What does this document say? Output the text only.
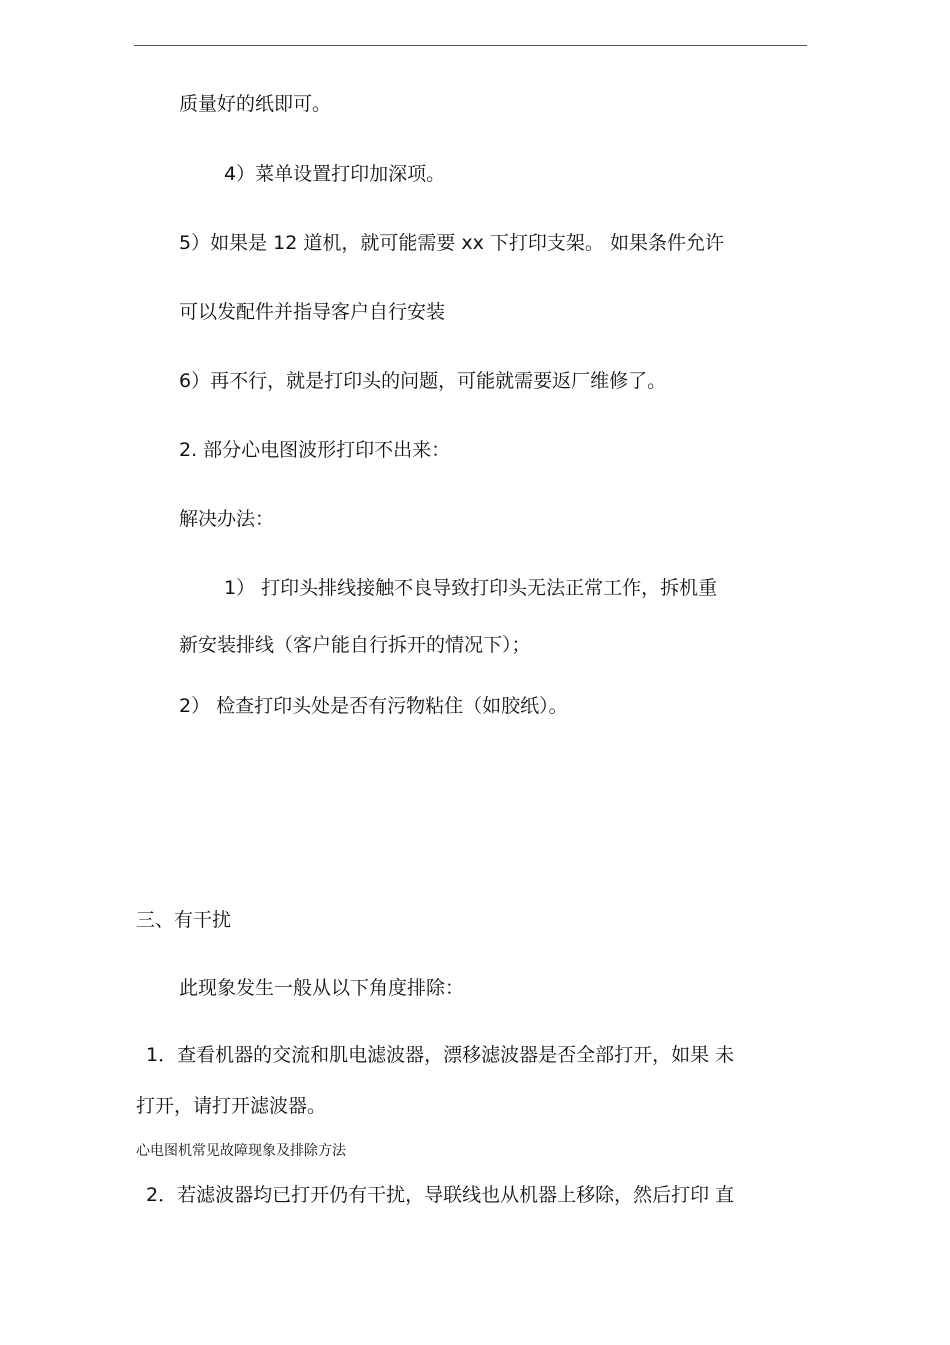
质量好的纸即可。

4）菜单设置打印加深项。

5）如果是 12 道机，就可能需要 xx 下打印支架。 如果条件允许

可以发配件并指导客户自行安装

6）再不行，就是打印头的问题，可能就需要返厂维修了。

2. 部分心电图波形打印不出来：

解决办法：

1） 打印头排线接触不良导致打印头无法正常工作，拆机重

新安装排线（客户能自行拆开的情况下）；

2） 检查打印头处是否有污物粘住（如胶纸）。

三、有干扰

此现象发生一般从以下角度排除：

1．查看机器的交流和肌电滤波器，漂移滤波器是否全部打开，如果 未

打开，请打开滤波器。

心电图机常见故障现象及排除方法

2．若滤波器均已打开仍有干扰，导联线也从机器上移除，然后打印 直
